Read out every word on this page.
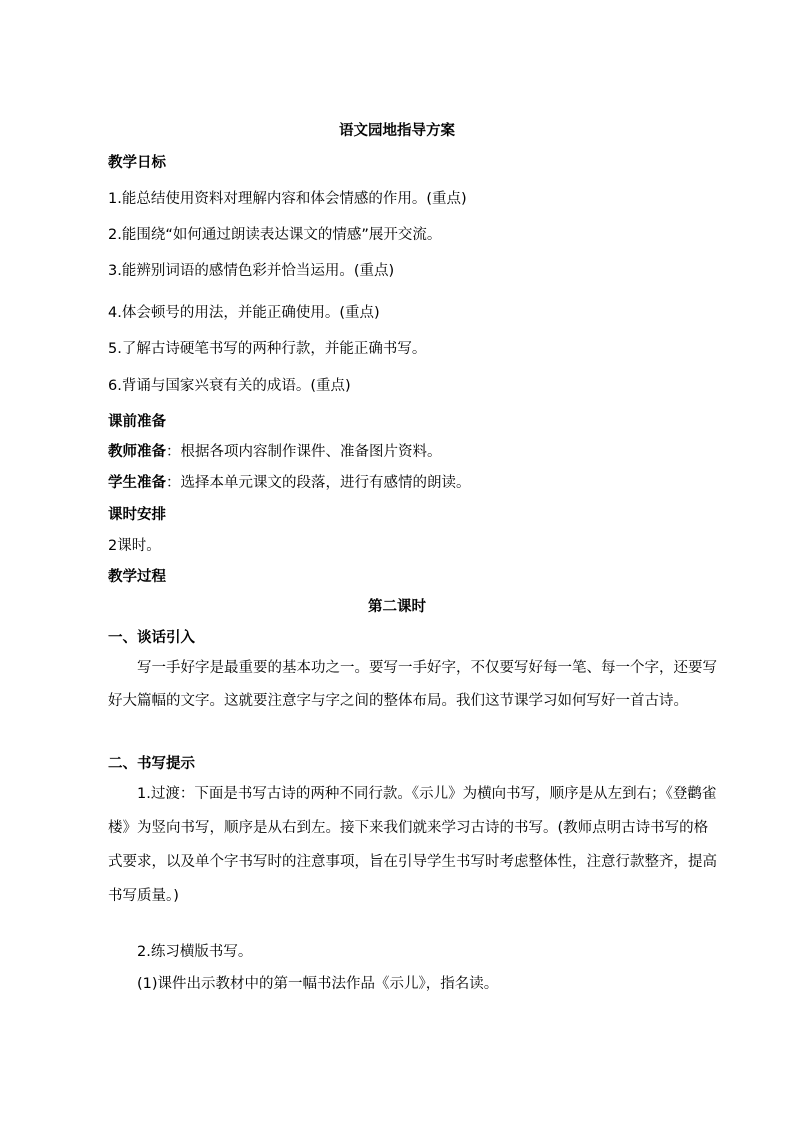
语文园地指导方案
教学日标
1.能总结使用资料对理解内容和体会情感的作用。(重点)
2.能围绕“如何通过朗读表达课文的情感”展开交流。
3.能辨别词语的感情色彩并恰当运用。(重点)
4.体会顿号的用法，并能正确使用。(重点)
5.了解古诗硬笔书写的两种行款，并能正确书写。
6.背诵与国家兴衰有关的成语。(重点)
课前准备
教师准备：根据各项内容制作课件、准备图片资料。
学生准备：选择本单元课文的段落，进行有感情的朗读。
课时安排
2课时。
教学过程
第二课时
一、谈话引入

写一手好字是最重要的基本功之一。要写一手好字，不仅要写好每一笔、每一个字，还要写好大篇幅的文字。这就要注意字与字之间的整体布局。我们这节课学习如何写好一首古诗。

二、书写提示

1.过渡：下面是书写古诗的两种不同行款。《示儿》为横向书写，顺序是从左到右；《登鹳雀楼》为竖向书写，顺序是从右到左。接下来我们就来学习古诗的书写。(教师点明古诗书写的格式要求，以及单个字书写时的注意事项，旨在引导学生书写时考虑整体性，注意行款整齐，提高书写质量。)

2.练习横版书写。
(1)课件出示教材中的第一幅书法作品《示儿》，指名读。
